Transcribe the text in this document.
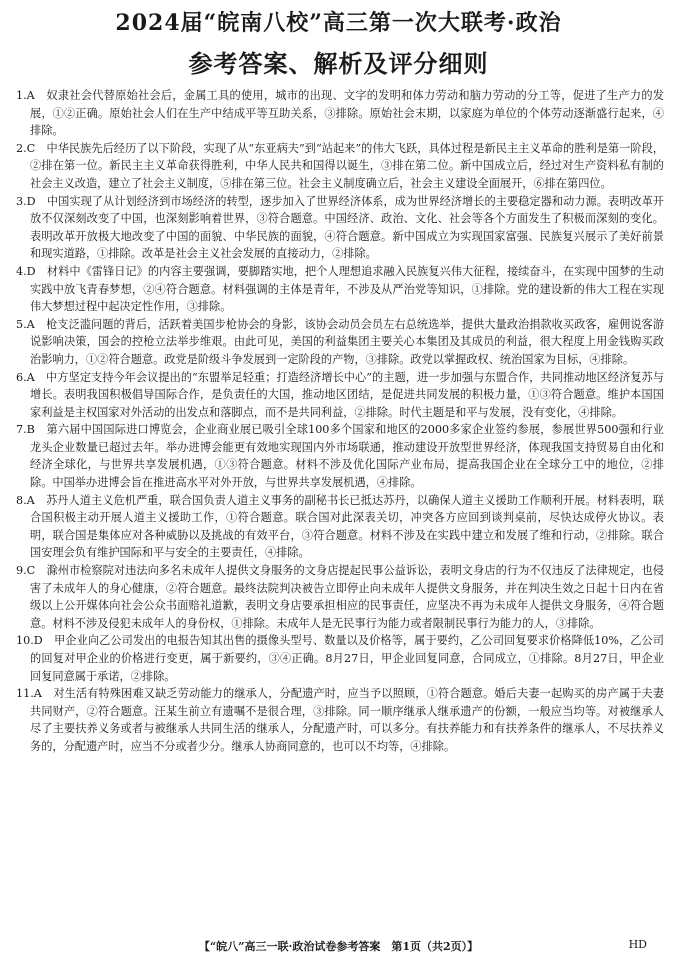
2024届“皖南八校”高三第一次大联考·政治
参考答案、解析及评分细则

1.A　 奴隶社会代替原始社会后，金属工具的使用，城市的出现、文字的发明和体力劳动和脑力劳动的分工等，促进了生产力的发展，①②正确。原始社会人们在生产中结成平等互助关系，③排除。原始社会末期，以家庭为单位的个体劳动逐渐盛行起来，④排除。

2.C　 中华民族先后经历了以下阶段，实现了从“东亚病夫”到“站起来”的伟大飞跃，具体过程是新民主主义革命的胜利是第一阶段，②排在第一位。新民主主义革命获得胜利，中华人民共和国得以诞生，③排在第二位。新中国成立后，经过对生产资料私有制的社会主义改造，建立了社会主义制度，⑤排在第三位。社会主义制度确立后，社会主义建设全面展开，⑥排在第四位。

3.D　 中国实现了从计划经济到市场经济的转型，逐步加入了世界经济体系，成为世界经济增长的主要稳定器和动力源。表明改革开放不仅深刻改变了中国，也深刻影响着世界，③符合题意。中国经济、政治、文化、社会等各个方面发生了积极而深刻的变化。表明改革开放极大地改变了中国的面貌、中华民族的面貌，④符合题意。新中国成立为实现国家富强、民族复兴展示了美好前景和现实道路，①排除。改革是社会主义社会发展的直接动力，②排除。

4.D　 材料中《雷锋日记》的内容主要强调，要脚踏实地，把个人理想追求融入民族复兴伟大征程，接续奋斗，在实现中国梦的生动实践中放飞青春梦想，②④符合题意。材料强调的主体是青年，不涉及从严治党等知识，①排除。党的建设新的伟大工程在实现伟大梦想过程中起决定性作用，③排除。

5.A　 枪支泛滥问题的背后，活跃着美国步枪协会的身影，该协会动员会员左右总统选举，提供大量政治捐款收买政客，雇佣说客游说影响决策，国会的控枪立法举步维艰。由此可见，美国的利益集团主要关心本集团及其成员的利益，很大程度上用金钱购买政治影响力，①②符合题意。政党是阶级斗争发展到一定阶段的产物，③排除。政党以掌握政权、统治国家为目标，④排除。

6.A　 中方坚定支持今年会议提出的“东盟举足轻重；打造经济增长中心”的主题，进一步加强与东盟合作，共同推动地区经济复苏与增长。表明我国积极倡导国际合作，是负责任的大国，推动地区团结，是促进共同发展的积极力量，①③符合题意。维护本国国家利益是主权国家对外活动的出发点和落脚点，而不是共同利益，②排除。时代主题是和平与发展，没有变化，④排除。

7.B　 第六届中国国际进口博览会，企业商业展已吸引全球100多个国家和地区的2000多家企业签约参展，参展世界500强和行业龙头企业数量已超过去年。举办进博会能更有效地实现国内外市场联通，推动建设开放型世界经济，体现我国支持贸易自由化和经济全球化，与世界共享发展机遇，①③符合题意。材料不涉及优化国际产业布局，提高我国企业在全球分工中的地位，②排除。中国举办进博会旨在推进高水平对外开放，与世界共享发展机遇，④排除。

8.A　 苏丹人道主义危机严重，联合国负责人道主义事务的副秘书长已抵达苏丹，以确保人道主义援助工作顺利开展。材料表明，联合国积极主动开展人道主义援助工作，①符合题意。联合国对此深表关切，冲突各方应回到谈判桌前，尽快达成停火协议。表明，联合国是集体应对各种威胁以及挑战的有效平台，③符合题意。材料不涉及在实践中建立和发展了维和行动，②排除。联合国安理会负有维护国际和平与安全的主要责任，④排除。

9.C　 滁州市检察院对违法向多名未成年人提供文身服务的文身店提起民事公益诉讼，表明文身店的行为不仅违反了法律规定，也侵害了未成年人的身心健康，②符合题意。最终法院判决被告立即停止向未成年人提供文身服务，并在判决生效之日起十日内在省级以上公开媒体向社会公众书面赔礼道歉，表明文身店要承担相应的民事责任，应坚决不再为未成年人提供文身服务，④符合题意。材料不涉及侵犯未成年人的身份权，①排除。未成年人是无民事行为能力或者限制民事行为能力的人，③排除。

10.D　 甲企业向乙公司发出的电报告知其出售的摄像头型号、数量以及价格等，属于要约，乙公司回复要求价格降低10%，乙公司的回复对甲企业的价格进行变更，属于新要约，③④正确。8月27日，甲企业回复同意，合同成立，①排除。8月27日，甲企业回复同意属于承诺，②排除。

11.A　 对生活有特殊困难又缺乏劳动能力的继承人，分配遗产时，应当予以照顾，①符合题意。婚后夫妻一起购买的房产属于夫妻共同财产，②符合题意。汪某生前立有遗嘱不是很合理，③排除。同一顺序继承人继承遗产的份额，一般应当均等。对被继承人尽了主要扶养义务或者与被继承人共同生活的继承人，分配遗产时，可以多分。有扶养能力和有扶养条件的继承人，不尽扶养义务的，分配遗产时，应当不分或者少分。继承人协商同意的，也可以不均等，④排除。

【“皖八”高三一联·政治试卷参考答案　第1页（共2页）】	HD
